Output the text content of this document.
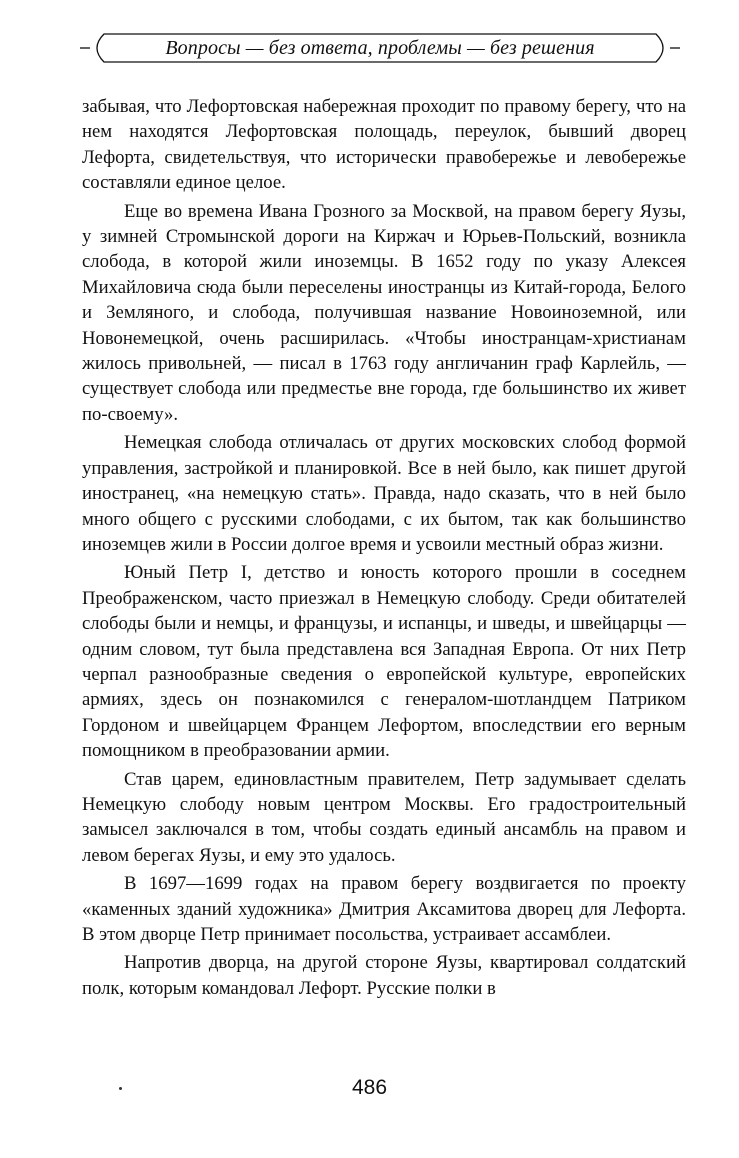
Вопросы — без ответа, проблемы — без решения

забывая, что Лефортовская набережная проходит по правому берегу, что на нем находятся Лефортовская полощадь, переулок, бывший дворец Лефорта, свидетельствуя, что исторически правобережье и левобережье составляли единое целое.

Еще во времена Ивана Грозного за Москвой, на правом берегу Яузы, у зимней Стромынской дороги на Киржач и Юрьев-Польский, возникла слобода, в которой жили иноземцы. В 1652 году по указу Алексея Михайловича сюда были переселены иностранцы из Китай-города, Белого и Земляного, и слобода, получившая название Новоиноземной, или Новонемецкой, очень расширилась. «Чтобы иностранцам-христианам жилось привольней, — писал в 1763 году англичанин граф Карлейль, — существует слобода или предместье вне города, где большинство их живет по-своему».

Немецкая слобода отличалась от других московских слобод формой управления, застройкой и планировкой. Все в ней было, как пишет другой иностранец, «на немецкую стать». Правда, надо сказать, что в ней было много общего с русскими слободами, с их бытом, так как большинство иноземцев жили в России долгое время и усвоили местный образ жизни.

Юный Петр I, детство и юность которого прошли в соседнем Преображенском, часто приезжал в Немецкую слободу. Среди обитателей слободы были и немцы, и французы, и испанцы, и шведы, и швейцарцы — одним словом, тут была представлена вся Западная Европа. От них Петр черпал разнообразные сведения о европейской культуре, европейских армиях, здесь он познакомился с генералом-шотландцем Патриком Гордоном и швейцарцем Францем Лефортом, впоследствии его верным помощником в преобразовании армии.

Став царем, единовластным правителем, Петр задумывает сделать Немецкую слободу новым центром Москвы. Его градостроительный замысел заключался в том, чтобы создать единый ансамбль на правом и левом берегах Яузы, и ему это удалось.

В 1697—1699 годах на правом берегу воздвигается по проекту «каменных зданий художника» Дмитрия Аксамитова дворец для Лефорта. В этом дворце Петр принимает посольства, устраивает ассамблеи.

Напротив дворца, на другой стороне Яузы, квартировал солдатский полк, которым командовал Лефорт. Русские полки в

486
